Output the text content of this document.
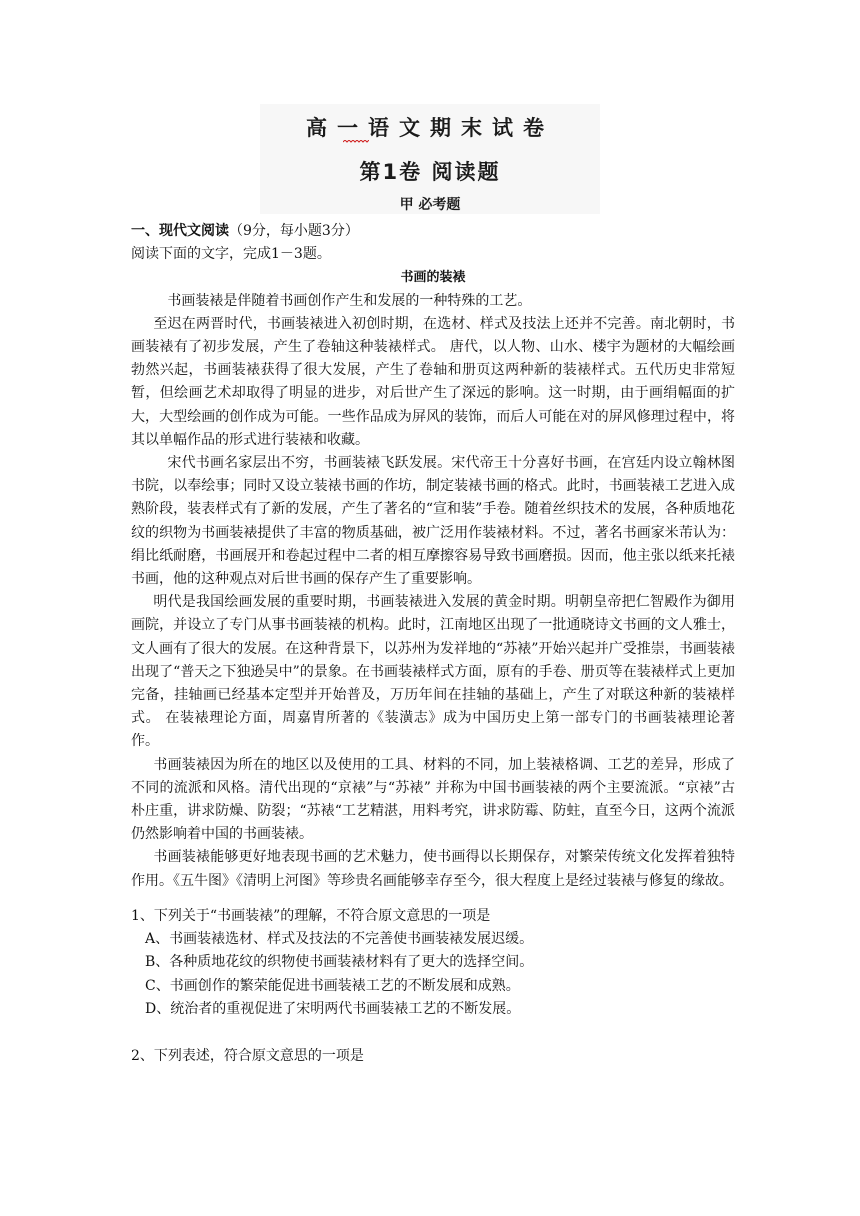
高一语文期末试卷
第1卷 阅读题
甲 必考题
一、现代文阅读（9分，每小题3分）
阅读下面的文字，完成1－3题。
书画的装裱

书画装裱是伴随着书画创作产生和发展的一种特殊的工艺。

至迟在两晋时代，书画装裱进入初创时期，在选材、样式及技法上还并不完善。南北朝时，书画装裱有了初步发展，产生了卷轴这种装裱样式。 唐代，以人物、山水、楼宇为题材的大幅绘画勃然兴起，书画装裱获得了很大发展，产生了卷轴和册页这两种新的装裱样式。五代历史非常短暂，但绘画艺术却取得了明显的进步，对后世产生了深远的影响。这一时期，由于画绢幅面的扩大，大型绘画的创作成为可能。一些作品成为屏风的装饰，而后人可能在对的屏风修理过程中，将其以单幅作品的形式进行装裱和收藏。

宋代书画名家层出不穷，书画装裱飞跃发展。宋代帝王十分喜好书画，在宫廷内设立翰林图书院，以奉绘事；同时又设立装裱书画的作坊，制定装裱书画的格式。此时，书画装裱工艺进入成熟阶段，装表样式有了新的发展，产生了著名的“宣和装”手卷。随着丝织技术的发展，各种质地花纹的织物为书画装裱提供了丰富的物质基础，被广泛用作装裱材料。不过，著名书画家米芾认为：绢比纸耐磨，书画展开和卷起过程中二者的相互摩擦容易导致书画磨损。因而，他主张以纸来托裱书画，他的这种观点对后世书画的保存产生了重要影响。

明代是我国绘画发展的重要时期，书画装裱进入发展的黄金时期。明朝皇帝把仁智殿作为御用画院，并设立了专门从事书画装裱的机构。此时，江南地区出现了一批通晓诗文书画的文人雅士，文人画有了很大的发展。在这种背景下，以苏州为发祥地的“苏裱”开始兴起并广受推崇，书画装裱出现了“普天之下独逊吴中”的景象。在书画装裱样式方面，原有的手卷、册页等在装裱样式上更加完备，挂轴画已经基本定型并开始普及，万历年间在挂轴的基础上，产生了对联这种新的装裱样式。 在装裱理论方面，周嘉胄所著的《装潢志》成为中国历史上第一部专门的书画装裱理论著作。

书画装裱因为所在的地区以及使用的工具、材料的不同，加上装裱格调、工艺的差异，形成了不同的流派和风格。清代出现的“京裱”与“苏裱” 并称为中国书画装裱的两个主要流派。“京裱”古朴庄重，讲求防燥、防裂；“苏裱“工艺精湛，用料考究，讲求防霉、防蛀，直至今日，这两个流派仍然影响着中国的书画装裱。

书画装裱能够更好地表现书画的艺术魅力，使书画得以长期保存，对繁荣传统文化发挥着独特作用。《五牛图》《清明上河图》等珍贵名画能够幸存至今，很大程度上是经过装裱与修复的缘故。

1、下列关于“书画装裱”的理解，不符合原文意思的一项是

A、书画装裱选材、样式及技法的不完善使书画装裱发展迟缓。

B、各种质地花纹的织物使书画装裱材料有了更大的选择空间。

C、书画创作的繁荣能促进书画装裱工艺的不断发展和成熟。

D、统治者的重视促进了宋明两代书画装裱工艺的不断发展。

2、下列表述，符合原文意思的一项是
